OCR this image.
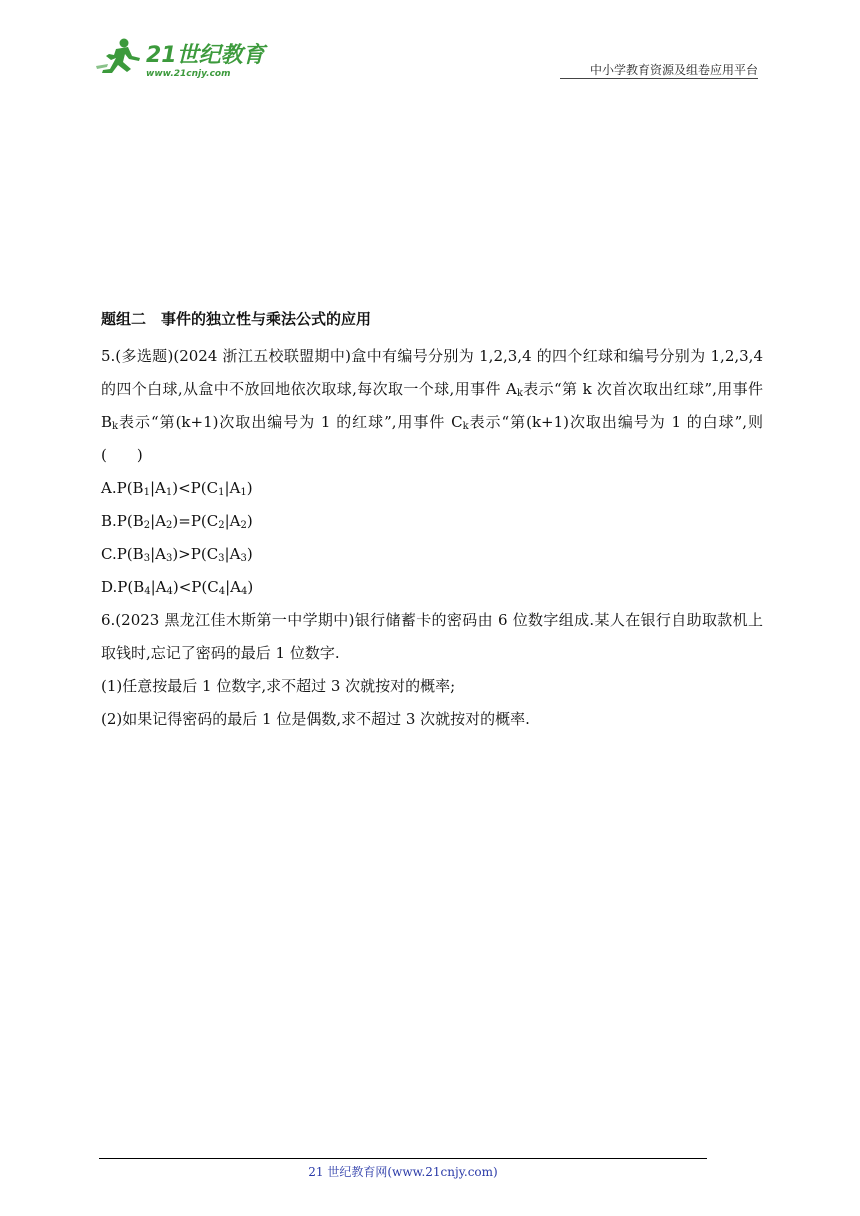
21世纪教育
www.21cnjy.com	中小学教育资源及组卷应用平台
题组二　事件的独立性与乘法公式的应用

5.(多选题)(2024 浙江五校联盟期中)盒中有编号分别为 1,2,3,4 的四个红球和编号分别为 1,2,3,4 的四个白球,从盒中不放回地依次取球,每次取一个球,用事件 $A_k$表示“第 k 次首次取出红球”,用事件 $B_k$表示“第(k+1)次取出编号为 1 的红球”,用事件 $C_k$表示“第(k+1)次取出编号为 1 的白球”,则(　　)

$A.P(B_1|A_1)<P(C_1|A_1)$

$B.P(B_2|A_2)=P(C_2|A_2)$

$C.P(B_3|A_3)>P(C_3|A_3)$

$D.P(B_4|A_4)<P(C_4|A_4)$

6.(2023 黑龙江佳木斯第一中学期中)银行储蓄卡的密码由 6 位数字组成.某人在银行自助取款机上取钱时,忘记了密码的最后 1 位数字.

(1)任意按最后 1 位数字,求不超过 3 次就按对的概率;

(2)如果记得密码的最后 1 位是偶数,求不超过 3 次就按对的概率.

21 世纪教育网(www.21cnjy.com)
